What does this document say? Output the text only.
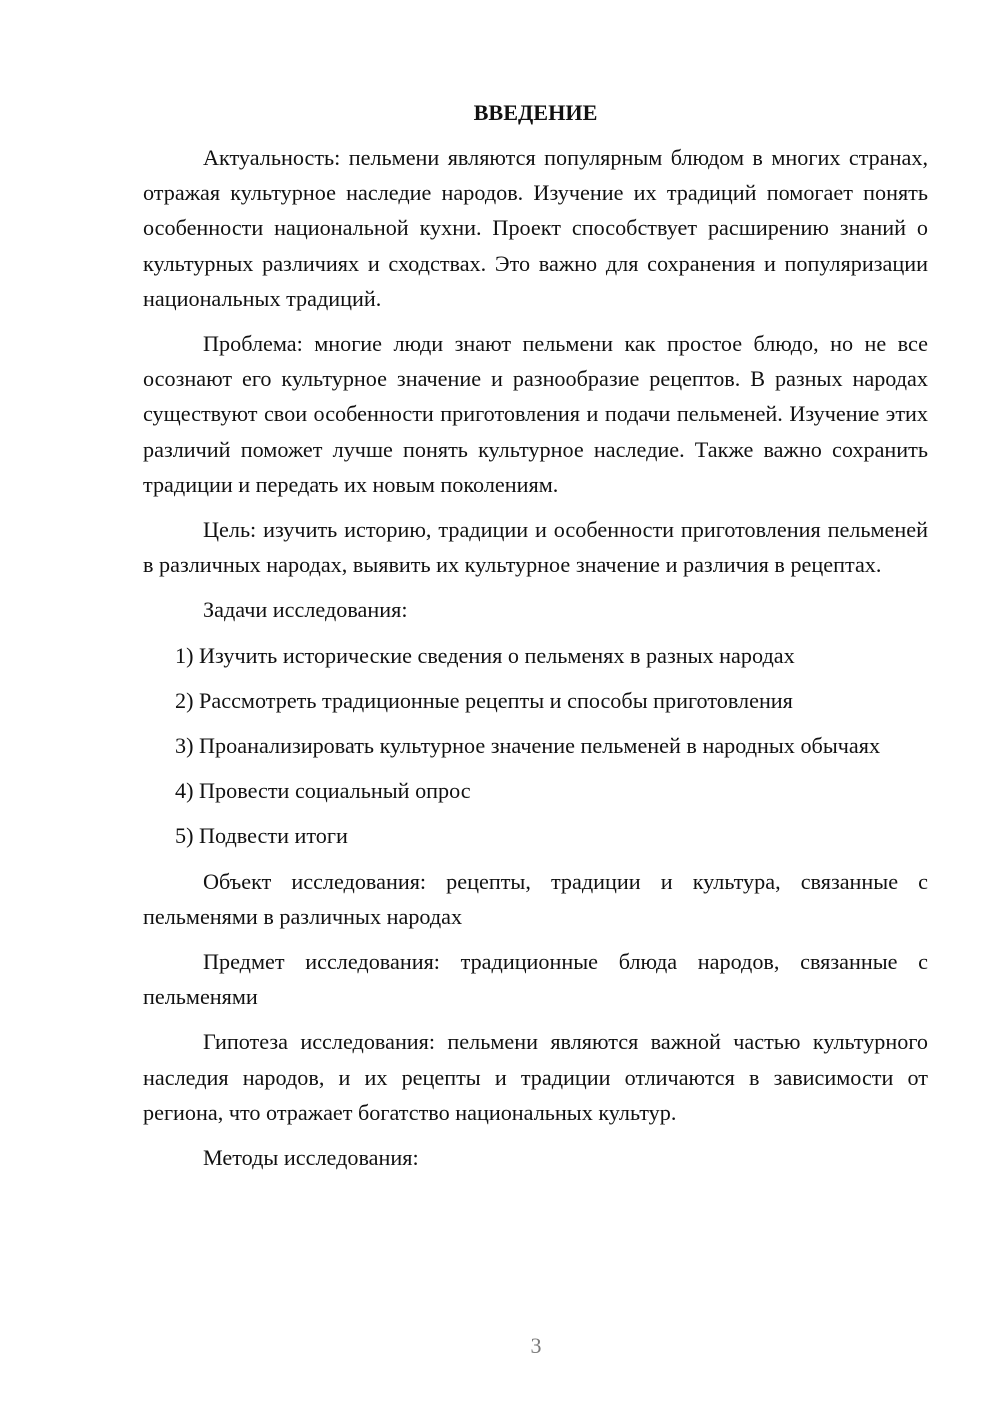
ВВЕДЕНИЕ

Актуальность: пельмени являются популярным блюдом в многих странах, отражая культурное наследие народов. Изучение их традиций помогает понять особенности национальной кухни. Проект способствует расширению знаний о культурных различиях и сходствах. Это важно для сохранения и популяризации национальных традиций.

Проблема: многие люди знают пельмени как простое блюдо, но не все осознают его культурное значение и разнообразие рецептов. В разных народах существуют свои особенности приготовления и подачи пельменей. Изучение этих различий поможет лучше понять культурное наследие. Также важно сохранить традиции и передать их новым поколениям.

Цель: изучить историю, традиции и особенности приготовления пельменей в различных народах, выявить их культурное значение и различия в рецептах.

Задачи исследования:

1) Изучить исторические сведения о пельменях в разных народах

2) Рассмотреть традиционные рецепты и способы приготовления

3) Проанализировать культурное значение пельменей в народных обычаях

4) Провести социальный опрос

5) Подвести итоги

Объект исследования: рецепты, традиции и культура, связанные с пельменями в различных народах

Предмет исследования: традиционные блюда народов, связанные с пельменями

Гипотеза исследования: пельмени являются важной частью культурного наследия народов, и их рецепты и традиции отличаются в зависимости от региона, что отражает богатство национальных культур.

Методы исследования:

3
